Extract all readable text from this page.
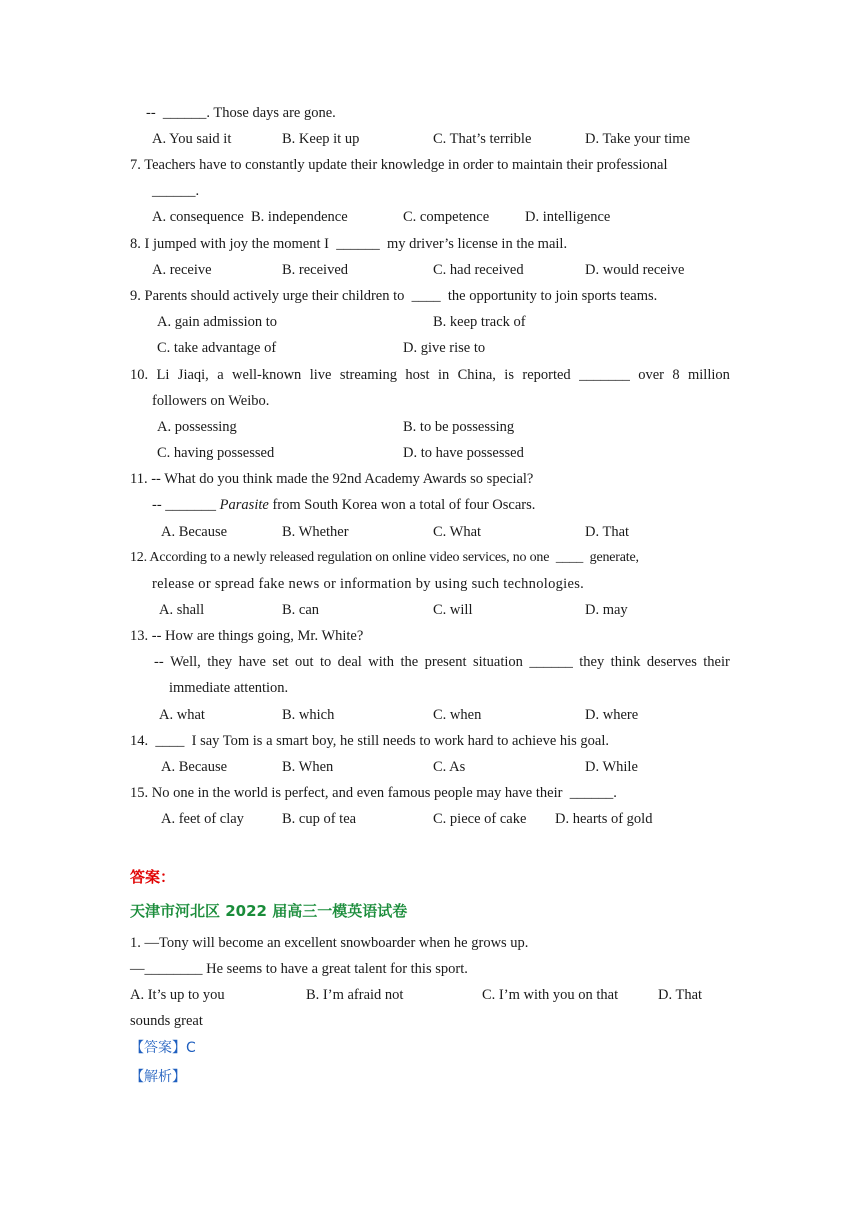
--  ______. Those days are gone.
A. You said it	B. Keep it up	C. That’s terrible	D. Take your time
7. Teachers have to constantly update their knowledge in order to maintain their professional
______.
A. consequence B. independence	C. competence D. intelligence
8. I jumped with joy the moment I  ______  my driver’s license in the mail.
A. receive	B. received	C. had received	D. would receive
9. Parents should actively urge their children to  ____  the opportunity to join sports teams.
A. gain admission to	B. keep track of
C. take advantage of	D. give rise to
10. Li Jiaqi, a well-known live streaming host in China, is reported _______ over 8 million
followers on Weibo.
A. possessing	B. to be possessing
C. having possessed	D. to have possessed
11. -- What do you think made the 92nd Academy Awards so special?
-- _______ Parasite from South Korea won a total of four Oscars.
A. Because	B. Whether	C. What	D. That
12. According to a newly released regulation on online video services, no one  ____  generate,
release or spread fake news or information by using such technologies.
A. shall	B. can	C. will	D. may
13. -- How are things going, Mr. White?
-- Well, they have set out to deal with the present situation ______ they think deserves their
immediate attention.
A. what	B. which	C. when	D. where
14.  ____  I say Tom is a smart boy, he still needs to work hard to achieve his goal.
A. Because	B. When	C. As	D. While
15. No one in the world is perfect, and even famous people may have their  ______.
A. feet of clay	B. cup of tea	C. piece of cake D. hearts of gold
答案：
天津市河北区 2022 届高三一模英语试卷
1. —Tony will become an excellent snowboarder when he grows up.
—________ He seems to have a great talent for this sport.
A. It’s up to you	B. I’m afraid not	C. I’m with you on that	D. That
sounds great
【答案】C
【解析】
